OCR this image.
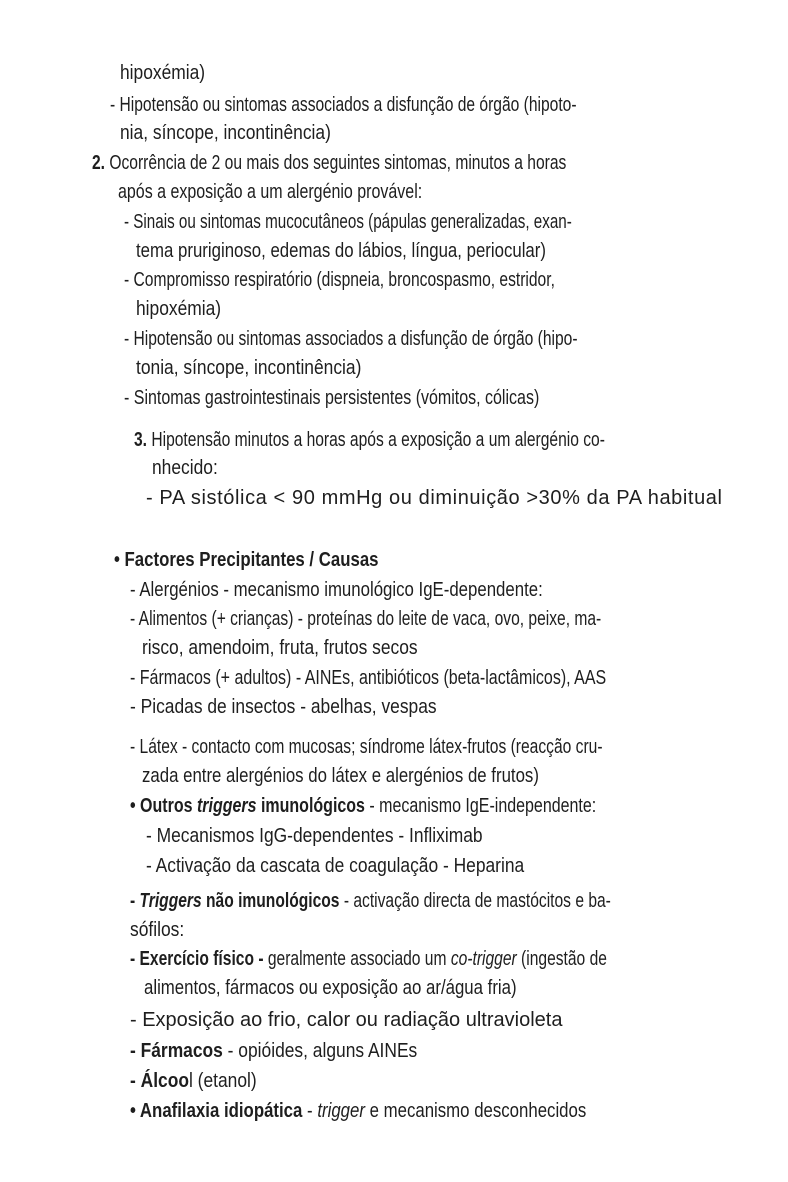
hipoxémia)
- Hipotensão ou sintomas associados a disfunção de órgão (hipoto-
nia, síncope, incontinência)
2. Ocorrência de 2 ou mais dos seguintes sintomas, minutos a horas
após a exposição a um alergénio provável:
- Sinais ou sintomas mucocutâneos (pápulas generalizadas, exan-
tema pruriginoso, edemas do lábios, língua, periocular)
- Compromisso respiratório (dispneia, broncospasmo, estridor,
hipoxémia)
- Hipotensão ou sintomas associados a disfunção de órgão (hipo-
tonia, síncope, incontinência)
- Sintomas gastrointestinais persistentes (vómitos, cólicas)
3. Hipotensão minutos a horas após a exposição a um alergénio co-
nhecido:
- PA sistólica < 90 mmHg ou diminuição >30% da PA habitual
• Factores Precipitantes / Causas
- Alergénios - mecanismo imunológico IgE-dependente:
- Alimentos (+ crianças) - proteínas do leite de vaca, ovo, peixe, ma-
risco, amendoim, fruta, frutos secos
- Fármacos (+ adultos) - AINEs, antibióticos (beta-lactâmicos), AAS
- Picadas de insectos - abelhas, vespas
- Látex - contacto com mucosas; síndrome látex-frutos (reacção cru-
zada entre alergénios do látex e alergénios de frutos)
• Outros triggers imunológicos - mecanismo IgE-independente:
- Mecanismos IgG-dependentes - Infliximab
- Activação da cascata de coagulação - Heparina
- Triggers não imunológicos - activação directa de mastócitos e ba-
sófilos:
- Exercício físico - geralmente associado um co-trigger (ingestão de
alimentos, fármacos ou exposição ao ar/água fria)
- Exposição ao frio, calor ou radiação ultravioleta
- Fármacos - opióides, alguns AINEs
- Álcool (etanol)
• Anafilaxia idiopática - trigger e mecanismo desconhecidos
